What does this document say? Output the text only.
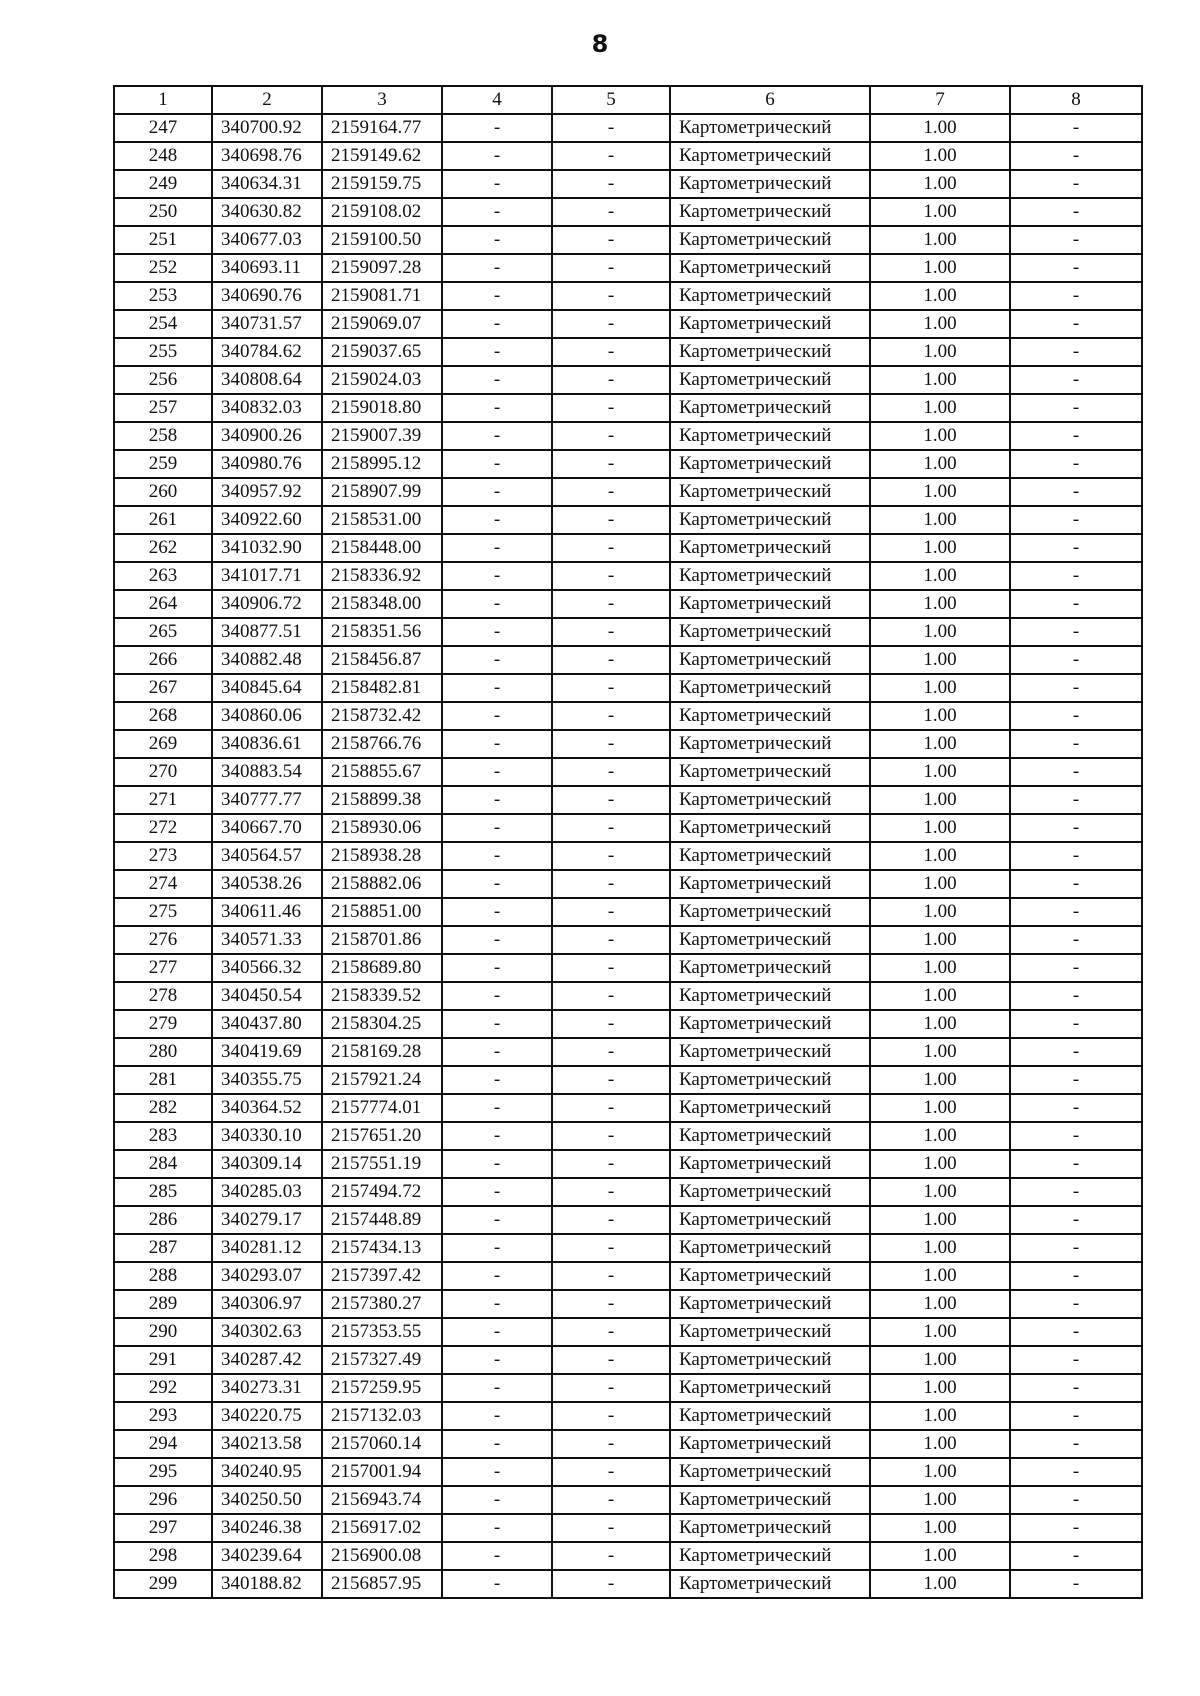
8
1	2	3	4	5	6	7	8
247	340700.92	2159164.77	-	-	Картометрический	1.00	-
248	340698.76	2159149.62	-	-	Картометрический	1.00	-
249	340634.31	2159159.75	-	-	Картометрический	1.00	-
250	340630.82	2159108.02	-	-	Картометрический	1.00	-
251	340677.03	2159100.50	-	-	Картометрический	1.00	-
252	340693.11	2159097.28	-	-	Картометрический	1.00	-
253	340690.76	2159081.71	-	-	Картометрический	1.00	-
254	340731.57	2159069.07	-	-	Картометрический	1.00	-
255	340784.62	2159037.65	-	-	Картометрический	1.00	-
256	340808.64	2159024.03	-	-	Картометрический	1.00	-
257	340832.03	2159018.80	-	-	Картометрический	1.00	-
258	340900.26	2159007.39	-	-	Картометрический	1.00	-
259	340980.76	2158995.12	-	-	Картометрический	1.00	-
260	340957.92	2158907.99	-	-	Картометрический	1.00	-
261	340922.60	2158531.00	-	-	Картометрический	1.00	-
262	341032.90	2158448.00	-	-	Картометрический	1.00	-
263	341017.71	2158336.92	-	-	Картометрический	1.00	-
264	340906.72	2158348.00	-	-	Картометрический	1.00	-
265	340877.51	2158351.56	-	-	Картометрический	1.00	-
266	340882.48	2158456.87	-	-	Картометрический	1.00	-
267	340845.64	2158482.81	-	-	Картометрический	1.00	-
268	340860.06	2158732.42	-	-	Картометрический	1.00	-
269	340836.61	2158766.76	-	-	Картометрический	1.00	-
270	340883.54	2158855.67	-	-	Картометрический	1.00	-
271	340777.77	2158899.38	-	-	Картометрический	1.00	-
272	340667.70	2158930.06	-	-	Картометрический	1.00	-
273	340564.57	2158938.28	-	-	Картометрический	1.00	-
274	340538.26	2158882.06	-	-	Картометрический	1.00	-
275	340611.46	2158851.00	-	-	Картометрический	1.00	-
276	340571.33	2158701.86	-	-	Картометрический	1.00	-
277	340566.32	2158689.80	-	-	Картометрический	1.00	-
278	340450.54	2158339.52	-	-	Картометрический	1.00	-
279	340437.80	2158304.25	-	-	Картометрический	1.00	-
280	340419.69	2158169.28	-	-	Картометрический	1.00	-
281	340355.75	2157921.24	-	-	Картометрический	1.00	-
282	340364.52	2157774.01	-	-	Картометрический	1.00	-
283	340330.10	2157651.20	-	-	Картометрический	1.00	-
284	340309.14	2157551.19	-	-	Картометрический	1.00	-
285	340285.03	2157494.72	-	-	Картометрический	1.00	-
286	340279.17	2157448.89	-	-	Картометрический	1.00	-
287	340281.12	2157434.13	-	-	Картометрический	1.00	-
288	340293.07	2157397.42	-	-	Картометрический	1.00	-
289	340306.97	2157380.27	-	-	Картометрический	1.00	-
290	340302.63	2157353.55	-	-	Картометрический	1.00	-
291	340287.42	2157327.49	-	-	Картометрический	1.00	-
292	340273.31	2157259.95	-	-	Картометрический	1.00	-
293	340220.75	2157132.03	-	-	Картометрический	1.00	-
294	340213.58	2157060.14	-	-	Картометрический	1.00	-
295	340240.95	2157001.94	-	-	Картометрический	1.00	-
296	340250.50	2156943.74	-	-	Картометрический	1.00	-
297	340246.38	2156917.02	-	-	Картометрический	1.00	-
298	340239.64	2156900.08	-	-	Картометрический	1.00	-
299	340188.82	2156857.95	-	-	Картометрический	1.00	-
